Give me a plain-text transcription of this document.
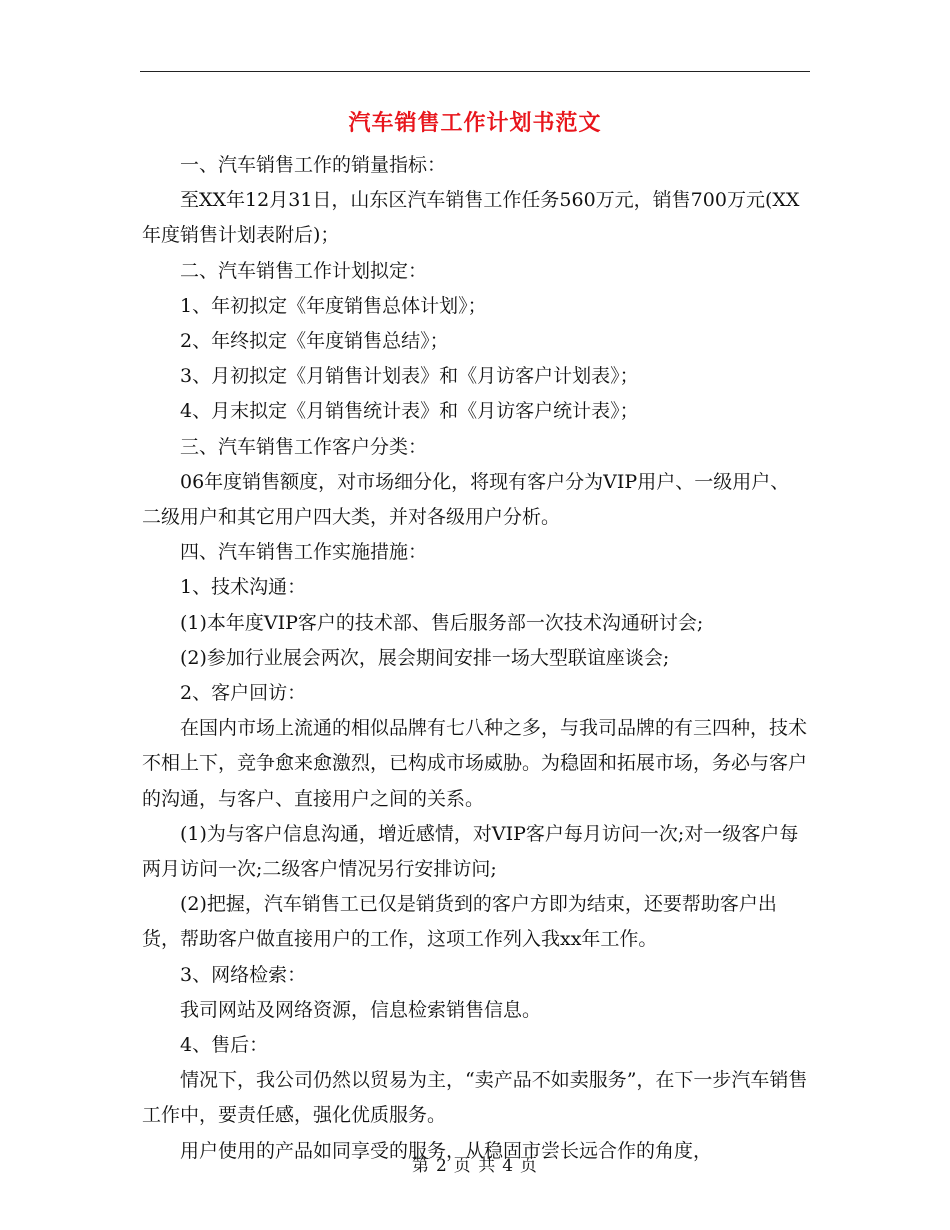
汽车销售工作计划书范文

一、汽车销售工作的销量指标：

至XX年12月31日，山东区汽车销售工作任务560万元，销售700万元(XX年度销售计划表附后)；

二、汽车销售工作计划拟定：

1、年初拟定《年度销售总体计划》；

2、年终拟定《年度销售总结》；

3、月初拟定《月销售计划表》和《月访客户计划表》；

4、月末拟定《月销售统计表》和《月访客户统计表》；

三、汽车销售工作客户分类：

06年度销售额度，对市场细分化，将现有客户分为VIP用户、一级用户、二级用户和其它用户四大类，并对各级用户分析。

四、汽车销售工作实施措施：

1、技术沟通：

(1)本年度VIP客户的技术部、售后服务部一次技术沟通研讨会;

(2)参加行业展会两次，展会期间安排一场大型联谊座谈会;

2、客户回访：

在国内市场上流通的相似品牌有七八种之多，与我司品牌的有三四种，技术不相上下，竞争愈来愈激烈，已构成市场威胁。为稳固和拓展市场，务必与客户的沟通，与客户、直接用户之间的关系。

(1)为与客户信息沟通，增近感情，对VIP客户每月访问一次;对一级客户每两月访问一次;二级客户情况另行安排访问;

(2)把握，汽车销售工已仅是销货到的客户方即为结束，还要帮助客户出货，帮助客户做直接用户的工作，这项工作列入我xx年工作。

3、网络检索：

我司网站及网络资源，信息检索销售信息。

4、售后：

情况下，我公司仍然以贸易为主，“卖产品不如卖服务”，在下一步汽车销售工作中，要责任感，强化优质服务。

用户使用的产品如同享受的服务，从稳固市尝长远合作的角度，

第 2 页 共 4 页
